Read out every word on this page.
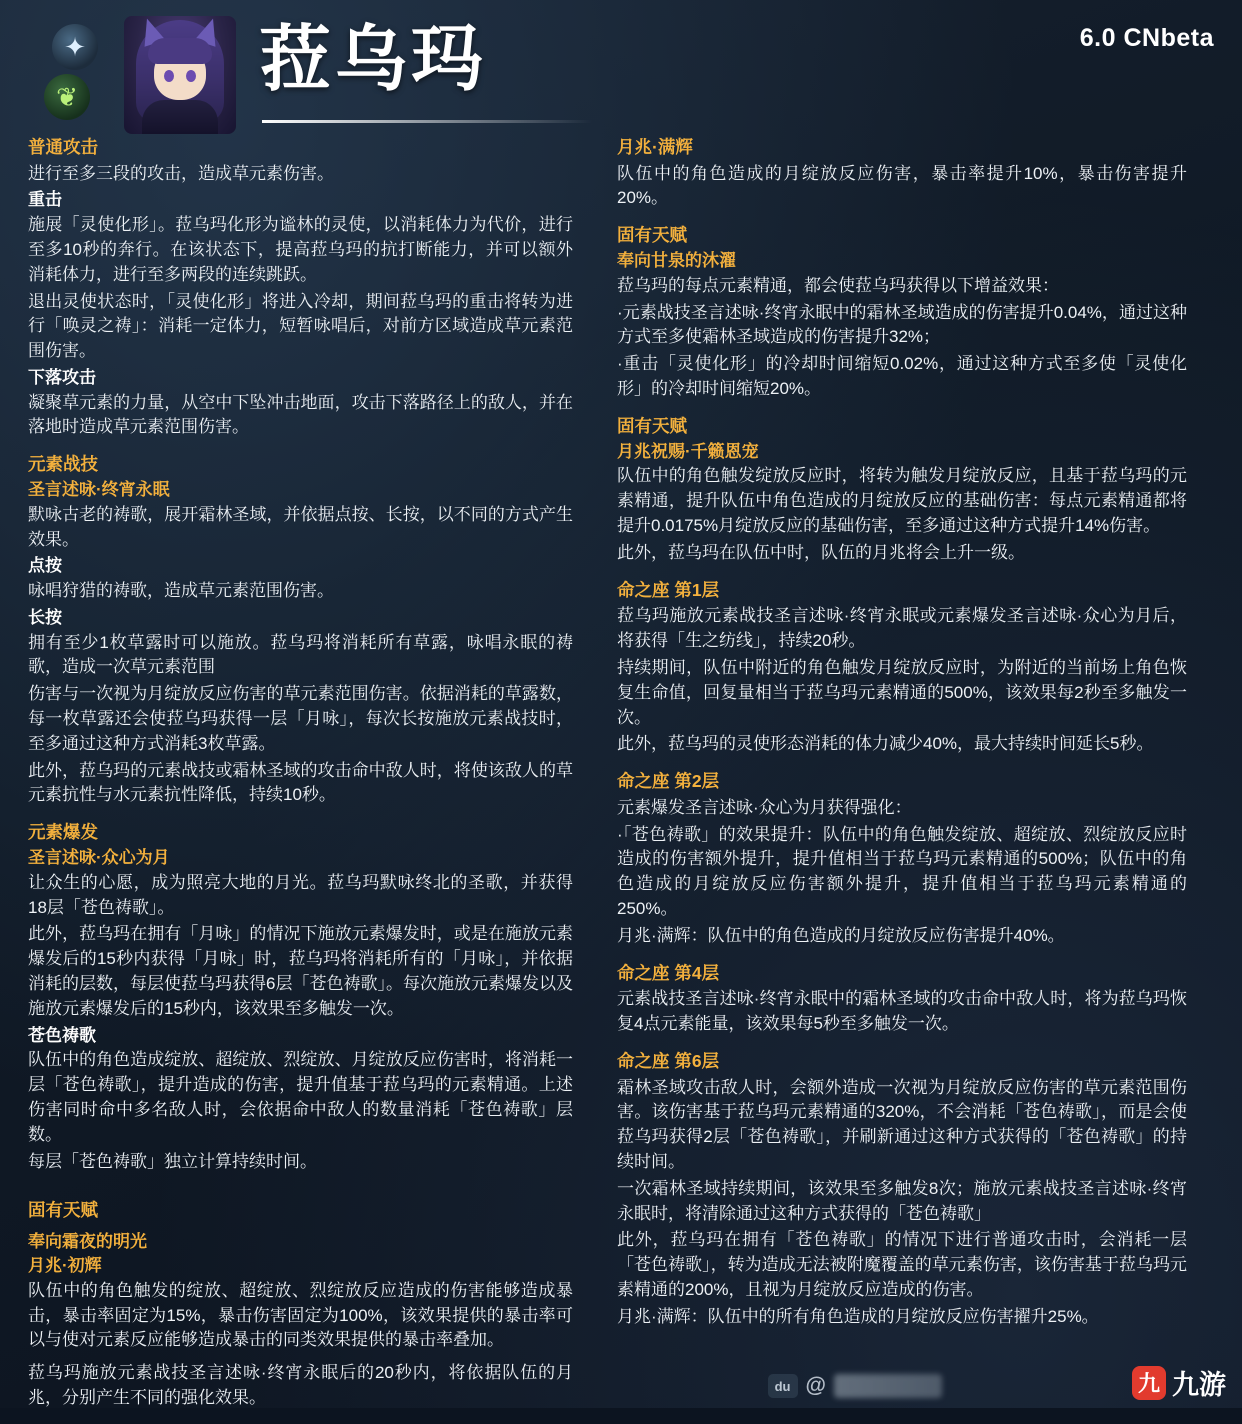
6.0 CNbeta
✦
❦	菈乌玛
普通攻击

进行至多三段的攻击，造成草元素伤害。

重击

施展「灵使化形」。菈乌玛化形为谧林的灵使，以消耗体力为代价，进行至多10秒的奔行。在该状态下，提高菈乌玛的抗打断能力，并可以额外消耗体力，进行至多两段的连续跳跃。

退出灵使状态时，「灵使化形」将进入冷却，期间菈乌玛的重击将转为进行「唤灵之祷」：消耗一定体力，短暂咏唱后，对前方区域造成草元素范围伤害。

下落攻击

凝聚草元素的力量，从空中下坠冲击地面，攻击下落路径上的敌人，并在落地时造成草元素范围伤害。

元素战技
圣言述咏·终宵永眠

默咏古老的祷歌，展开霜林圣域，并依据点按、长按，以不同的方式产生效果。

点按

咏唱狩猎的祷歌，造成草元素范围伤害。

长按

拥有至少1枚草露时可以施放。菈乌玛将消耗所有草露，咏唱永眠的祷歌，造成一次草元素范围

伤害与一次视为月绽放反应伤害的草元素范围伤害。依据消耗的草露数，每一枚草露还会使菈乌玛获得一层「月咏」，每次长按施放元素战技时，至多通过这种方式消耗3枚草露。

此外，菈乌玛的元素战技或霜林圣域的攻击命中敌人时，将使该敌人的草元素抗性与水元素抗性降低，持续10秒。

元素爆发
圣言述咏·众心为月

让众生的心愿，成为照亮大地的月光。菈乌玛默咏终北的圣歌，并获得18层「苍色祷歌」。

此外，菈乌玛在拥有「月咏」的情况下施放元素爆发时，或是在施放元素爆发后的15秒内获得「月咏」时，菈乌玛将消耗所有的「月咏」，并依据消耗的层数，每层使菈乌玛获得6层「苍色祷歌」。每次施放元素爆发以及施放元素爆发后的15秒内，该效果至多触发一次。

苍色祷歌

队伍中的角色造成绽放、超绽放、烈绽放、月绽放反应伤害时，将消耗一层「苍色祷歌」，提升造成的伤害，提升值基于菈乌玛的元素精通。上述伤害同时命中多名敌人时，会依据命中敌人的数量消耗「苍色祷歌」层数。

每层「苍色祷歌」独立计算持续时间。

固有天赋
奉向霜夜的明光
月兆·初辉

队伍中的角色触发的绽放、超绽放、烈绽放反应造成的伤害能够造成暴击，暴击率固定为15%，暴击伤害固定为100%，该效果提供的暴击率可以与使对元素反应能够造成暴击的同类效果提供的暴击率叠加。

菈乌玛施放元素战技圣言述咏·终宵永眠后的20秒内，将依据队伍的月兆，分别产生不同的强化效果。

月兆·满辉

队伍中的角色造成的月绽放反应伤害，暴击率提升10%，暴击伤害提升20%。

固有天赋
奉向甘泉的沐濯

菈乌玛的每点元素精通，都会使菈乌玛获得以下增益效果：

·元素战技圣言述咏·终宵永眠中的霜林圣域造成的伤害提升0.04%，通过这种方式至多使霜林圣域造成的伤害提升32%；

·重击「灵使化形」的冷却时间缩短0.02%，通过这种方式至多使「灵使化形」的冷却时间缩短20%。

固有天赋
月兆祝赐·千籁恩宠

队伍中的角色触发绽放反应时，将转为触发月绽放反应，且基于菈乌玛的元素精通，提升队伍中角色造成的月绽放反应的基础伤害：每点元素精通都将提升0.0175%月绽放反应的基础伤害，至多通过这种方式提升14%伤害。

此外，菈乌玛在队伍中时，队伍的月兆将会上升一级。

命之座 第1层

菈乌玛施放元素战技圣言述咏·终宵永眠或元素爆发圣言述咏·众心为月后，将获得「生之纺线」，持续20秒。

持续期间，队伍中附近的角色触发月绽放反应时，为附近的当前场上角色恢复生命值，回复量相当于菈乌玛元素精通的500%，该效果每2秒至多触发一次。

此外，菈乌玛的灵使形态消耗的体力减少40%，最大持续时间延长5秒。

命之座 第2层

元素爆发圣言述咏·众心为月获得强化：

·「苍色祷歌」的效果提升：队伍中的角色触发绽放、超绽放、烈绽放反应时造成的伤害额外提升，提升值相当于菈乌玛元素精通的500%；队伍中的角色造成的月绽放反应伤害额外提升，提升值相当于菈乌玛元素精通的250%。

月兆·满辉：队伍中的角色造成的月绽放反应伤害提升40%。

命之座 第4层

元素战技圣言述咏·终宵永眠中的霜林圣域的攻击命中敌人时，将为菈乌玛恢复4点元素能量，该效果每5秒至多触发一次。

命之座 第6层

霜林圣域攻击敌人时，会额外造成一次视为月绽放反应伤害的草元素范围伤害。该伤害基于菈乌玛元素精通的320%，不会消耗「苍色祷歌」，而是会使菈乌玛获得2层「苍色祷歌」，并刷新通过这种方式获得的「苍色祷歌」的持续时间。

一次霜林圣域持续期间，该效果至多触发8次；施放元素战技圣言述咏·终宵永眠时，将清除通过这种方式获得的「苍色祷歌」

此外，菈乌玛在拥有「苍色祷歌」的情况下进行普通攻击时，会消耗一层「苍色祷歌」，转为造成无法被附魔覆盖的草元素伤害，该伤害基于菈乌玛元素精通的200%，且视为月绽放反应造成的伤害。

月兆·满辉：队伍中的所有角色造成的月绽放反应伤害擢升25%。

du @	九 九游
